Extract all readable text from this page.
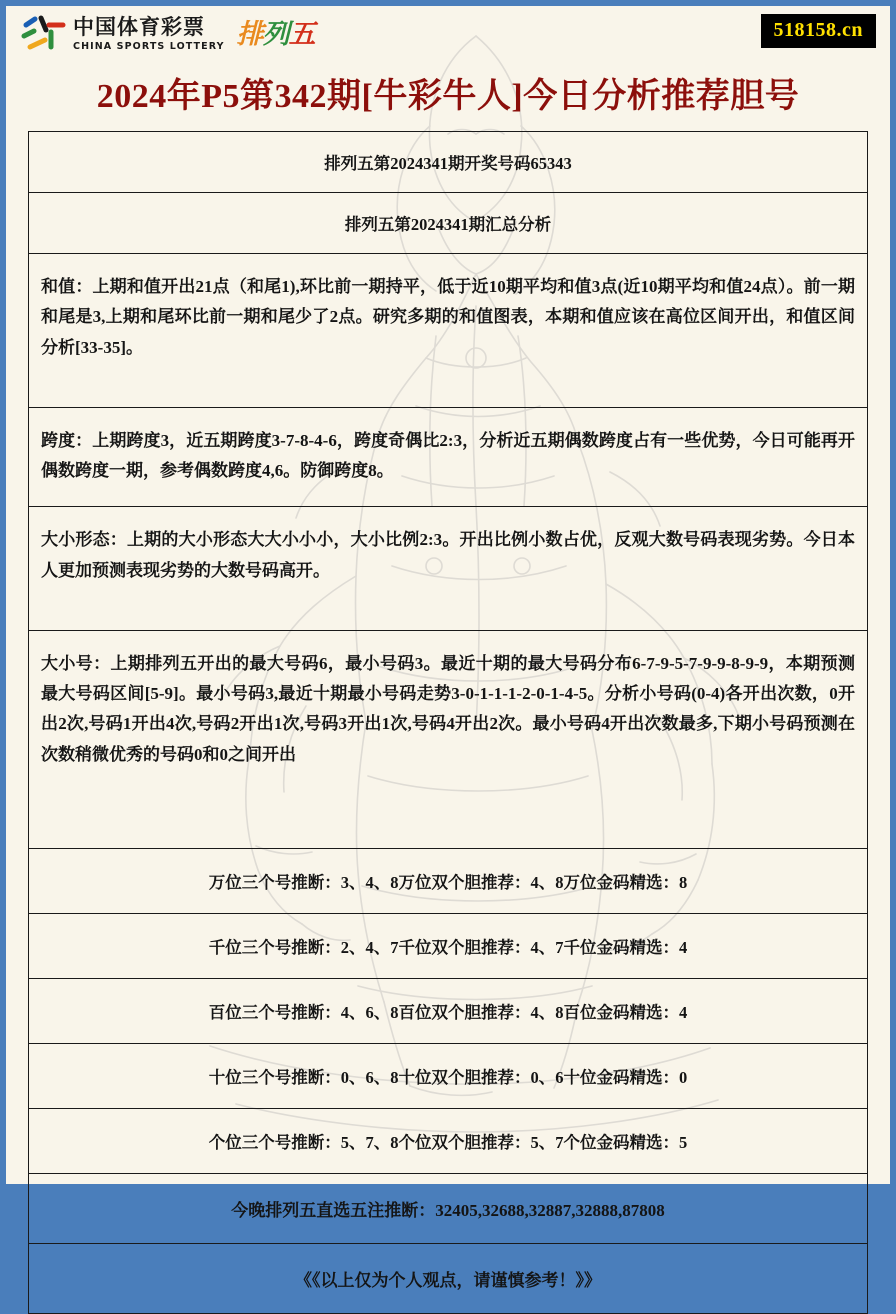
中国体育彩票
CHINA SPORTS LOTTERY 排列五	518158.cn
2024年P5第342期[牛彩牛人]今日分析推荐胆号
排列五第2024341期开奖号码65343
排列五第2024341期汇总分析
和值：上期和值开出21点（和尾1),环比前一期持平，低于近10期平均和值3点(近10期平均和值24点）。前一期和尾是3,上期和尾环比前一期和尾少了2点。研究多期的和值图表，本期和值应该在高位区间开出，和值区间分析[33-35]。
跨度：上期跨度3，近五期跨度3-7-8-4-6，跨度奇偶比2:3，分析近五期偶数跨度占有一些优势，今日可能再开偶数跨度一期，参考偶数跨度4,6。防御跨度8。
大小形态：上期的大小形态大大小小小，大小比例2:3。开出比例小数占优，反观大数号码表现劣势。今日本人更加预测表现劣势的大数号码高开。
大小号：上期排列五开出的最大号码6，最小号码3。最近十期的最大号码分布6-7-9-5-7-9-9-8-9-9，本期预测最大号码区间[5-9]。最小号码3,最近十期最小号码走势3-0-1-1-1-2-0-1-4-5。分析小号码(0-4)各开出次数，0开出2次,号码1开出4次,号码2开出1次,号码3开出1次,号码4开出2次。最小号码4开出次数最多,下期小号码预测在次数稍微优秀的号码0和0之间开出
万位三个号推断：3、4、8万位双个胆推荐：4、8万位金码精选：8
千位三个号推断：2、4、7千位双个胆推荐：4、7千位金码精选：4
百位三个号推断：4、6、8百位双个胆推荐：4、8百位金码精选：4
十位三个号推断：0、6、8十位双个胆推荐：0、6十位金码精选：0
个位三个号推断：5、7、8个位双个胆推荐：5、7个位金码精选：5
今晚排列五直选五注推断：32405,32688,32887,32888,87808
《《以上仅为个人观点，请谨慎参考！》》
